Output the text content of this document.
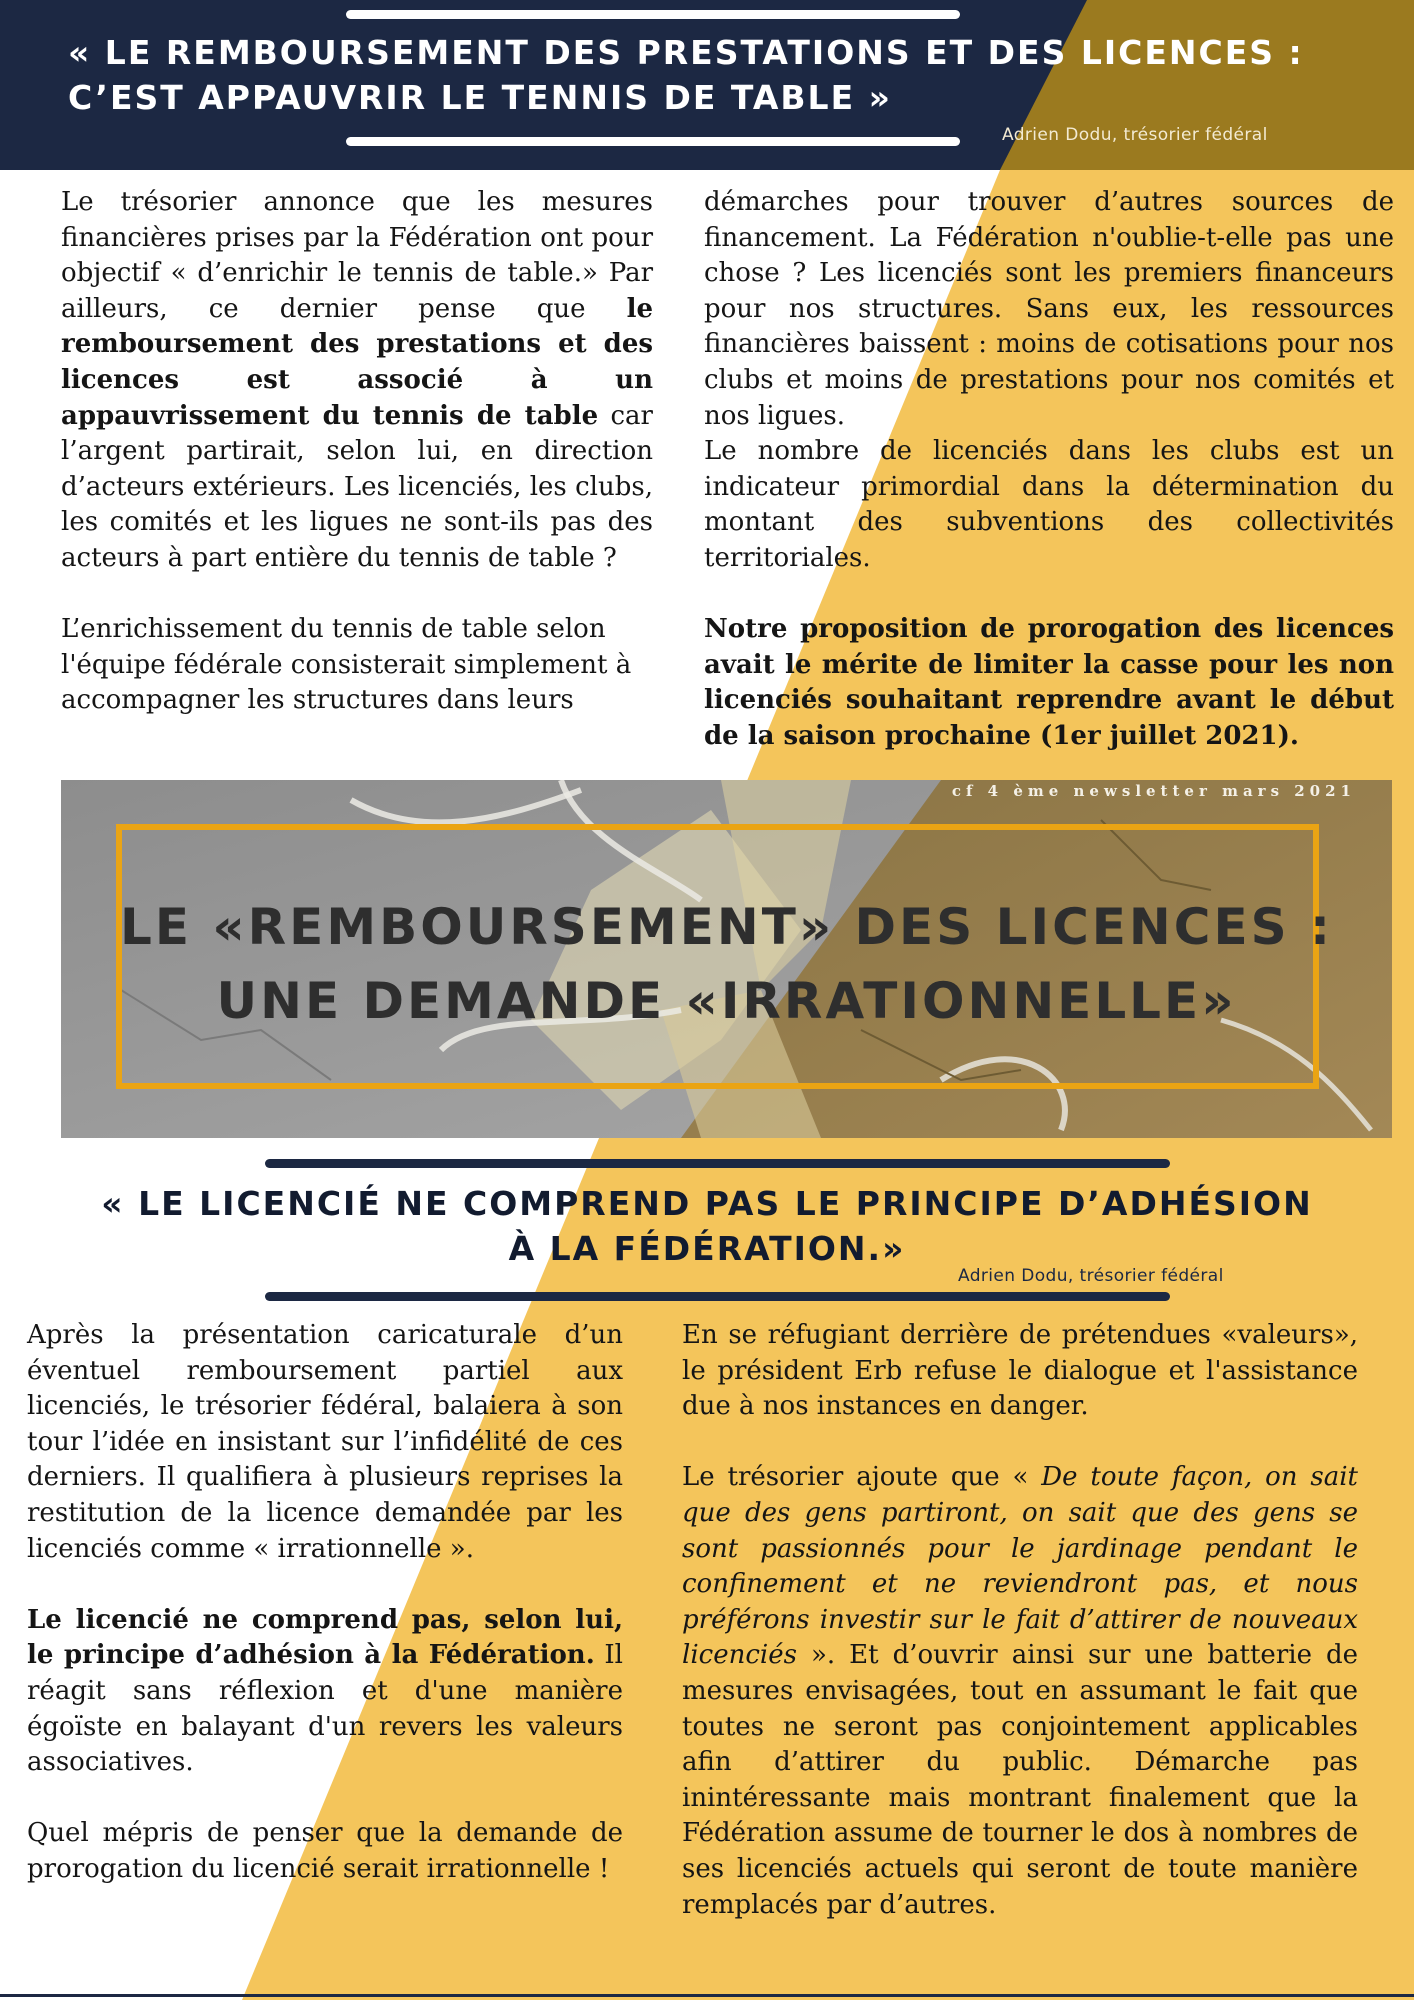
« LE REMBOURSEMENT DES PRESTATIONS ET DES LICENCES :
C’EST APPAUVRIR LE TENNIS DE TABLE »
Adrien Dodu, trésorier fédéral

Le trésorier annonce que les mesures financières prises par la Fédération ont pour objectif « d’enrichir le tennis de table.» Par ailleurs, ce dernier pense que le remboursement des prestations et des licences est associé à un appauvrissement du tennis de table car l’argent partirait, selon lui, en direction d’acteurs extérieurs. Les licenciés, les clubs, les comités et les ligues ne sont-ils pas des acteurs à part entière du tennis de table ?

L’enrichissement du tennis de table selon l'équipe fédérale consisterait simplement à accompagner les structures dans leurs

démarches pour trouver d’autres sources de financement. La Fédération n'oublie-t-elle pas une chose ? Les licenciés sont les premiers financeurs pour nos structures. Sans eux, les ressources financières baissent : moins de cotisations pour nos clubs et moins de prestations pour nos comités et nos ligues.

Le nombre de licenciés dans les clubs est un indicateur primordial dans la détermination du montant des subventions des collectivités territoriales.

Notre proposition de prorogation des licences avait le mérite de limiter la casse pour les non licenciés souhaitant reprendre avant le début de la saison prochaine (1er juillet 2021).

cf 4 ème newsletter mars 2021
LE «REMBOURSEMENT» DES LICENCES :
UNE DEMANDE «IRRATIONNELLE»
« LE LICENCIÉ NE COMPREND PAS LE PRINCIPE D’ADHÉSION
À LA FÉDÉRATION.»
Adrien Dodu, trésorier fédéral

Après la présentation caricaturale d’un éventuel remboursement partiel aux licenciés, le trésorier fédéral, balaiera à son tour l’idée en insistant sur l’infidélité de ces derniers. Il qualifiera à plusieurs reprises la restitution de la licence demandée par les licenciés comme « irrationnelle ».

Le licencié ne comprend pas, selon lui, le principe d’adhésion à la Fédération. Il réagit sans réflexion et d'une manière égoïste en balayant d'un revers les valeurs associatives.

Quel mépris de penser que la demande de prorogation du licencié serait irrationnelle !

En se réfugiant derrière de prétendues «valeurs», le président Erb refuse le dialogue et l'assistance due à nos instances en danger.

Le trésorier ajoute que « De toute façon, on sait que des gens partiront, on sait que des gens se sont passionnés pour le jardinage pendant le confinement et ne reviendront pas, et nous préférons investir sur le fait d’attirer de nouveaux licenciés ». Et d’ouvrir ainsi sur une batterie de mesures envisagées, tout en assumant le fait que toutes ne seront pas conjointement applicables afin d’attirer du public. Démarche pas inintéressante mais montrant finalement que la Fédération assume de tourner le dos à nombres de ses licenciés actuels qui seront de toute manière remplacés par d’autres.
